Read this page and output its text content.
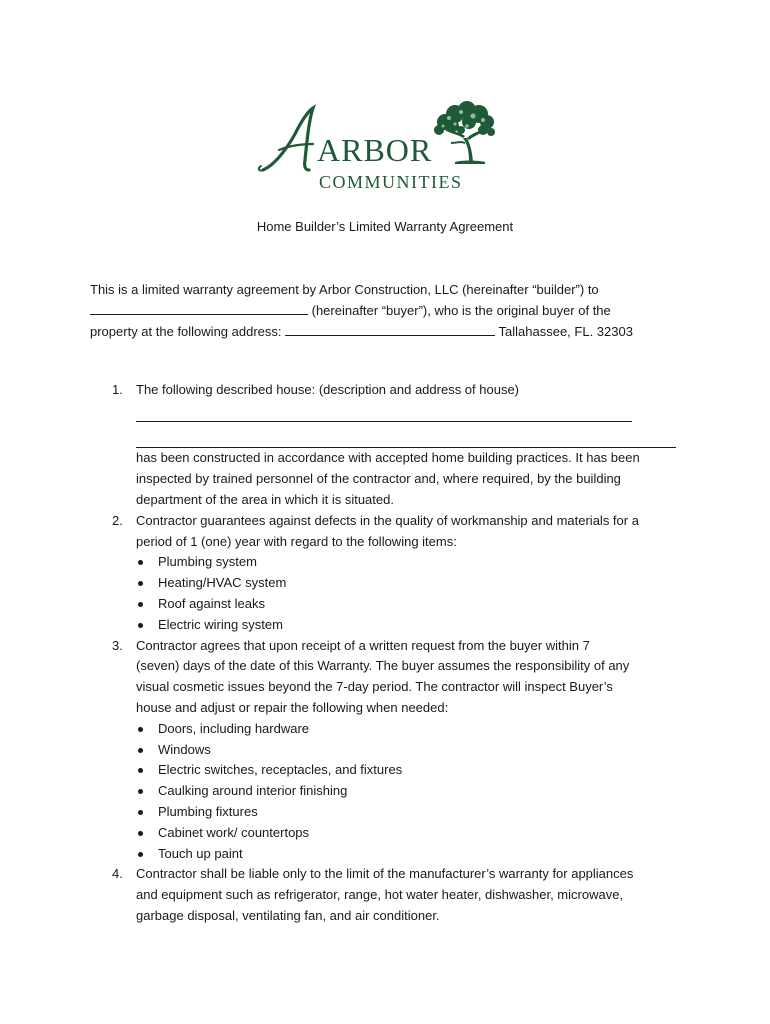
ARBOR
COMMUNITIES
Home Builder’s Limited Warranty Agreement

This is a limited warranty agreement by Arbor Construction, LLC (hereinafter “builder”) to

(hereinafter “buyer”), who is the original buyer of the

property at the following address:	Tallahassee, FL. 32303

1. The following described house: (description and address of house)

has been constructed in accordance with accepted home building practices. It has been

inspected by trained personnel of the contractor and, where required, by the building

department of the area in which it is situated.

2. Contractor guarantees against defects in the quality of workmanship and materials for a

period of 1 (one) year with regard to the following items:

Plumbing system
Heating/HVAC system
Roof against leaks
Electric wiring system
3. Contractor agrees that upon receipt of a written request from the buyer within 7

(seven) days of the date of this Warranty. The buyer assumes the responsibility of any

visual cosmetic issues beyond the 7-day period. The contractor will inspect Buyer’s

house and adjust or repair the following when needed:

Doors, including hardware
Windows
Electric switches, receptacles, and fixtures
Caulking around interior finishing
Plumbing fixtures
Cabinet work/ countertops
Touch up paint
4. Contractor shall be liable only to the limit of the manufacturer’s warranty for appliances

and equipment such as refrigerator, range, hot water heater, dishwasher, microwave,

garbage disposal, ventilating fan, and air conditioner.
